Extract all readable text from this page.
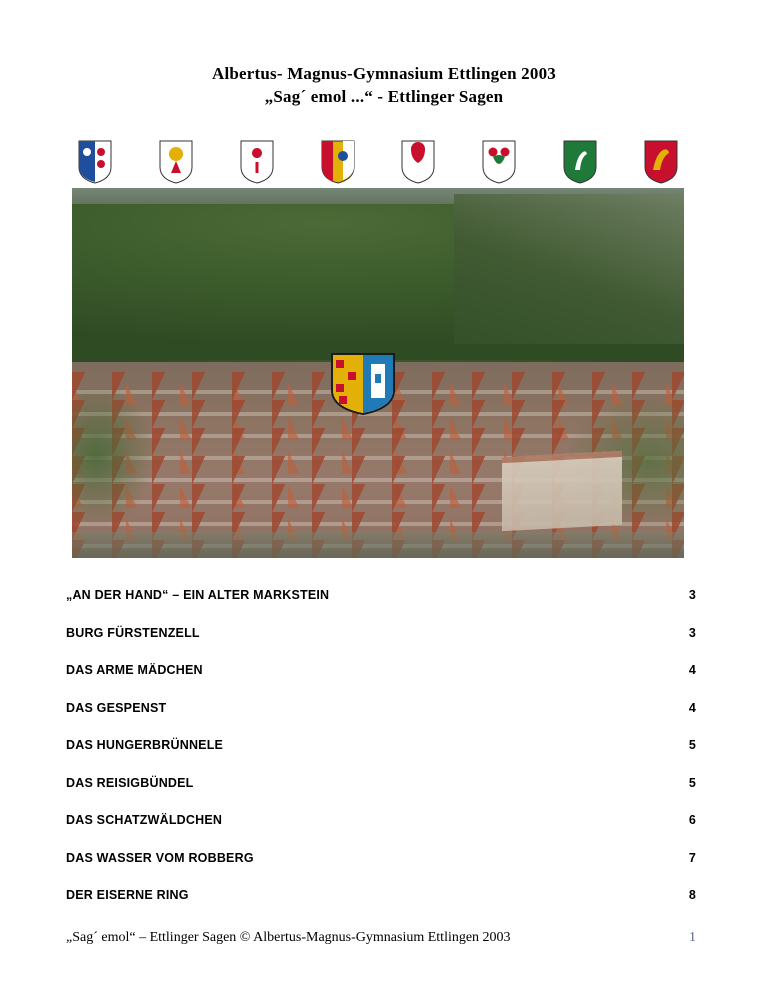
Albertus- Magnus-Gymnasium Ettlingen 2003
„Sag´ emol ...“ - Ettlinger Sagen
„AN DER HAND“ – EIN ALTER MARKSTEIN	3
BURG FÜRSTENZELL	3
DAS ARME MÄDCHEN	4
DAS GESPENST	4
DAS HUNGERBRÜNNELE	5
DAS REISIGBÜNDEL	5
DAS SCHATZWÄLDCHEN	6
DAS WASSER VOM ROBBERG	7
DER EISERNE RING	8
„Sag´ emol“ – Ettlinger Sagen © Albertus-Magnus-Gymnasium Ettlingen 2003	1
